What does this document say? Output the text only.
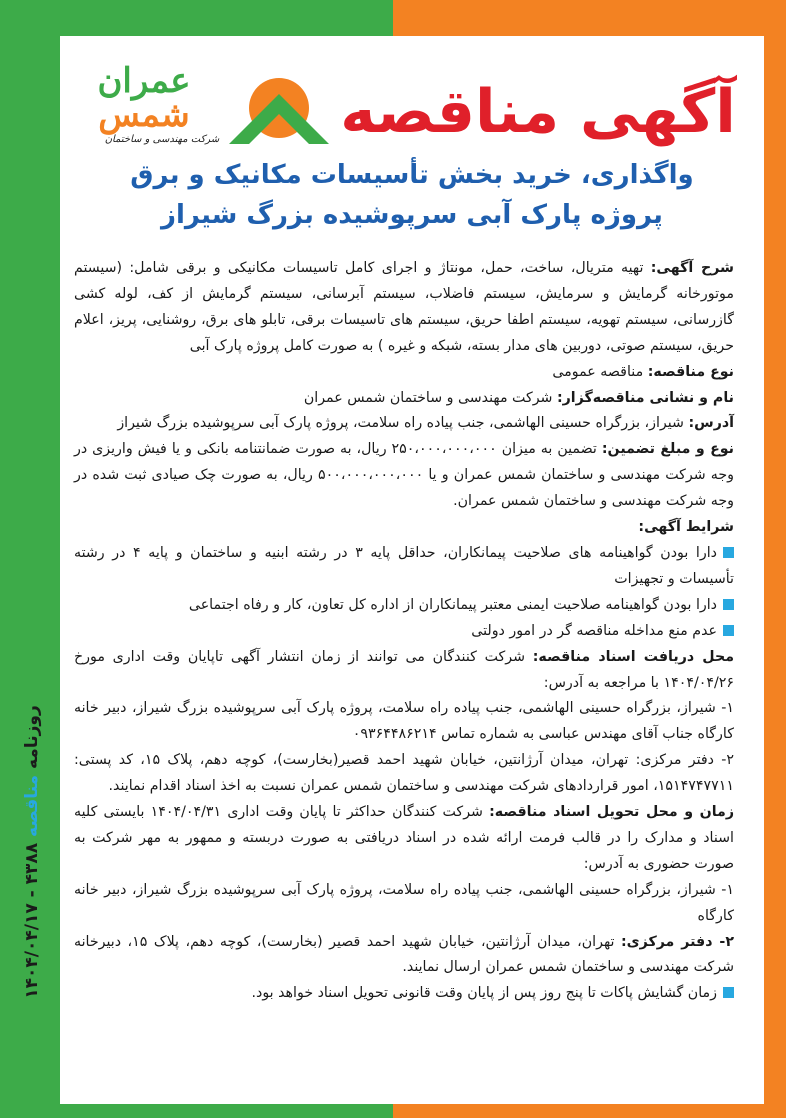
روزنامه مناقصه ۱۴۰۴/۰۴/۱۷ - ۴۳۸۸
عمران
شمس
شرکت مهندسی و ساختمان آگهی مناقصه
واگذاری، خرید بخش تأسیسات مکانیک و برق
پروژه پارک آبی سرپوشیده بزرگ شیراز

شرح آگهی: تهیه متریال، ساخت، حمل، مونتاژ و اجرای کامل تاسیسات مکانیکی و برقی شامل: (سیستم موتورخانه گرمایش و سرمایش، سیستم فاضلاب، سیستم آبرسانی، سیستم گرمایش از کف، لوله کشی گازرسانی، سیستم تهویه، سیستم اطفا حریق، سیستم های تاسیسات برقی، تابلو های برق، روشنایی، پریز، اعلام حریق، سیستم صوتی، دوربین های مدار بسته، شبکه و غیره ) به صورت کامل پروژه پارک آبی

نوع مناقصه: مناقصه عمومی

نام و نشانی مناقصه‌گزار: شرکت مهندسی و ساختمان شمس عمران

آدرس: شیراز، بزرگراه حسینی الهاشمی، جنب پیاده راه سلامت، پروژه پارک آبی سرپوشیده بزرگ شیراز

نوع و مبلغ تضمین: تضمین به میزان ۲۵۰،۰۰۰،۰۰۰،۰۰۰ ریال، به صورت ضمانتنامه بانکی و یا فیش واریزی در وجه شرکت مهندسی و ساختمان شمس عمران و یا ۵۰۰،۰۰۰،۰۰۰،۰۰۰ ریال، به صورت چک صیادی ثبت شده در وجه شرکت مهندسی و ساختمان شمس عمران.

شرایط آگهی:

دارا بودن گواهینامه های صلاحیت پیمانکاران، حداقل پایه ۳ در رشته ابنیه و ساختمان و پایه ۴ در رشته تأسیسات و تجهیزات

دارا بودن گواهینامه صلاحیت ایمنی معتبر پیمانکاران از اداره کل تعاون، کار و رفاه اجتماعی

عدم منع مداخله مناقصه گر در امور دولتی

محل دریافت اسناد مناقصه: شرکت کنندگان می توانند از زمان انتشار آگهی تاپایان وقت اداری مورخ ۱۴۰۴/۰۴/۲۶ با مراجعه به آدرس:

۱- شیراز، بزرگراه حسینی الهاشمی، جنب پیاده راه سلامت، پروژه پارک آبی سرپوشیده بزرگ شیراز، دبیر خانه کارگاه جناب آقای مهندس عباسی به شماره تماس ۰۹۳۶۴۴۸۶۲۱۴

۲- دفتر مرکزی: تهران، میدان آرژانتین، خیابان شهید احمد قصیر(بخارست)، کوچه دهم، پلاک ۱۵، کد پستی: ۱۵۱۴۷۴۷۷۱۱، امور قراردادهای شرکت مهندسی و ساختمان شمس عمران نسبت به اخذ اسناد اقدام نمایند.

زمان و محل تحویل اسناد مناقصه: شرکت کنندگان حداکثر تا پایان وقت اداری ۱۴۰۴/۰۴/۳۱ بایستی کلیه اسناد و مدارک را در قالب فرمت ارائه شده در اسناد دریافتی به صورت دربسته و ممهور به مهر شرکت به صورت حضوری به آدرس:

۱- شیراز، بزرگراه حسینی الهاشمی، جنب پیاده راه سلامت، پروژه پارک آبی سرپوشیده بزرگ شیراز، دبیر خانه کارگاه

۲- دفتر مرکزی: تهران، میدان آرژانتین، خیابان شهید احمد قصیر (بخارست)، کوچه دهم، پلاک ۱۵، دبیرخانه شرکت مهندسی و ساختمان شمس عمران ارسال نمایند.

زمان گشایش پاکات تا پنج روز پس از پایان وقت قانونی تحویل اسناد خواهد بود.
